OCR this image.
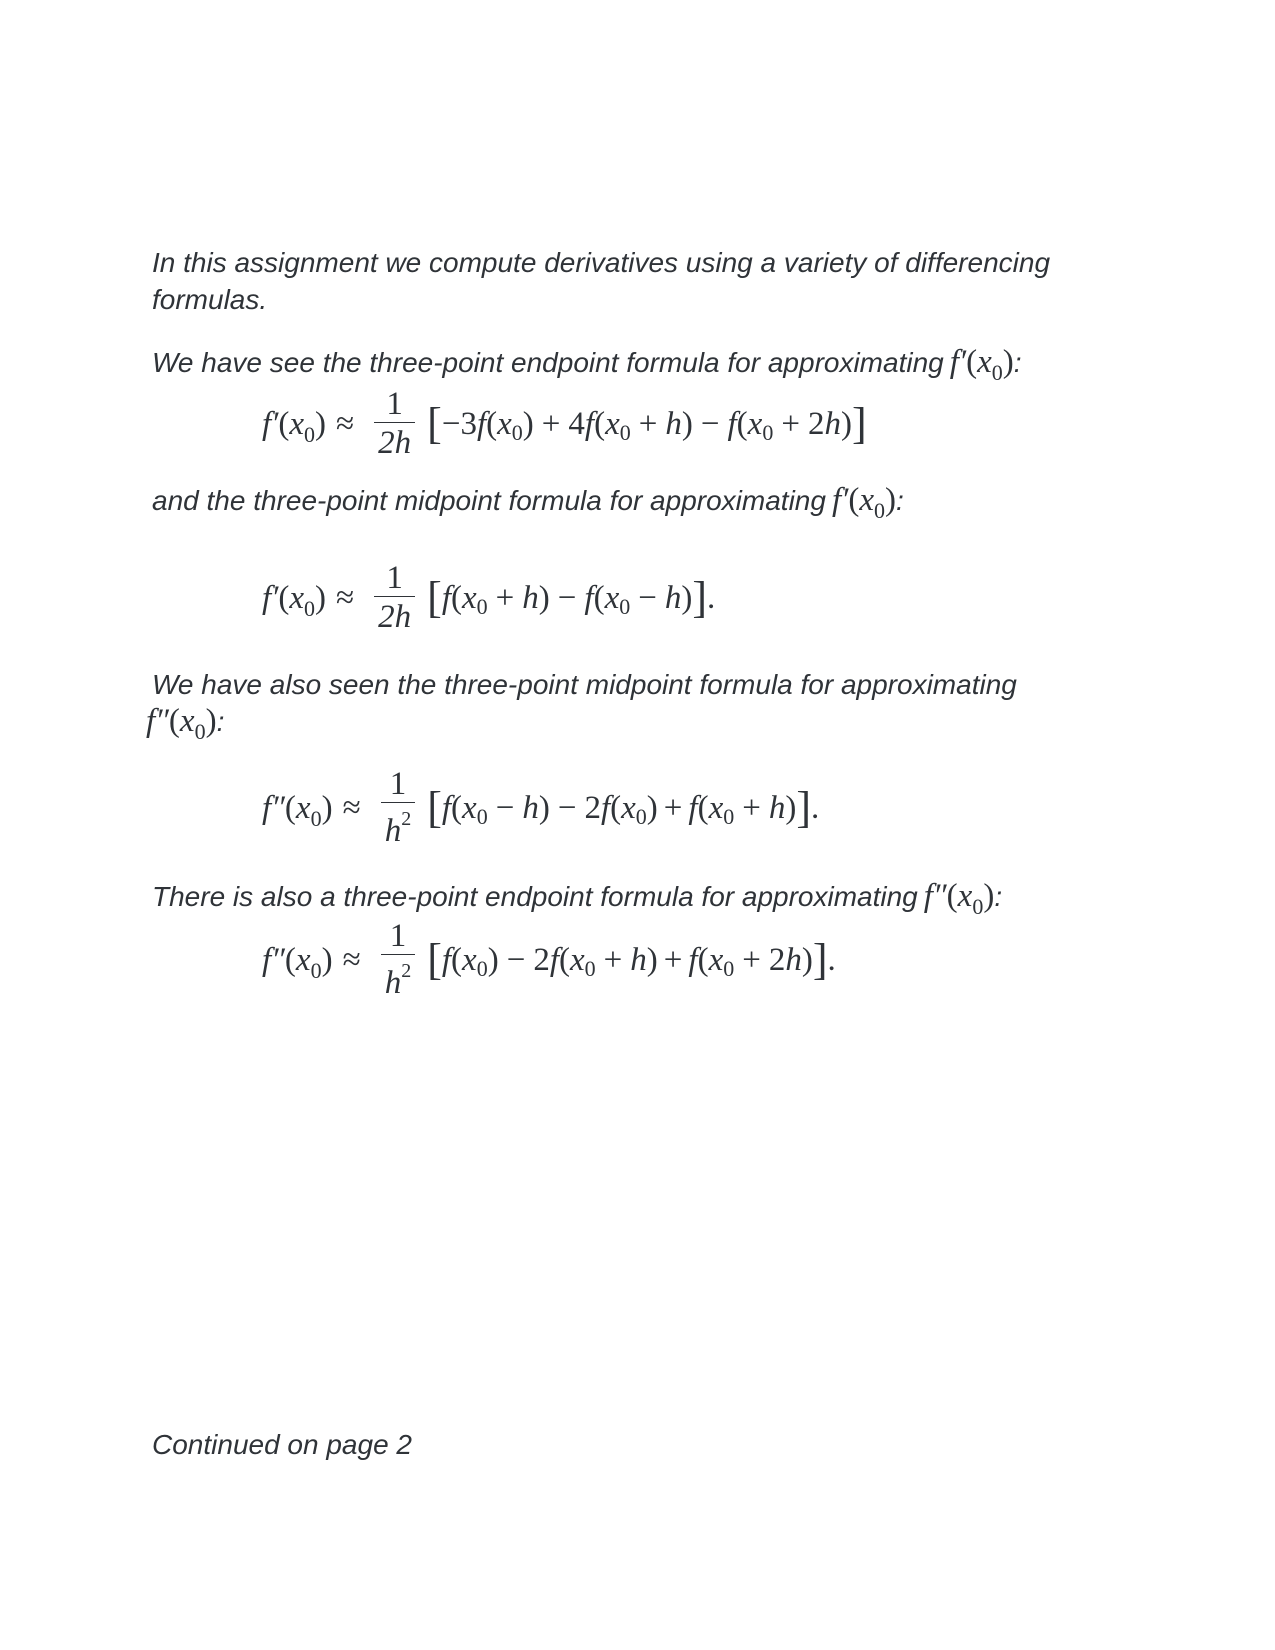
In this assignment we compute derivatives using a variety of differencing
formulas.
We have see the three-point endpoint formula for approximating $f'(x_0)$ :
$f'(x_0) \approx \frac{1}{2h}$ [ −3 f ( x 0 ) + 4 f ( x 0 + h ) − f ( x 0 + 2 h ) ]
and the three-point midpoint formula for approximating $f'(x_0)$ :
$f'(x_0) \approx \frac{1}{2h}$ [ f ( x 0 + h ) − f ( x 0 − h ) ] .
We have also seen the three-point midpoint formula for approximating
$f''(x_0)$ :
$f''(x_0) \approx \frac{1}{h^2}$ [ f ( x 0 − h ) − 2 f ( x 0 ) + f ( x 0 + h ) ] .
There is also a three-point endpoint formula for approximating $f''(x_0)$ :
$f''(x_0) \approx \frac{1}{h^2}$ [ f ( x 0 ) − 2 f ( x 0 + h ) + f ( x 0 + 2 h ) ] .
Continued on page 2
